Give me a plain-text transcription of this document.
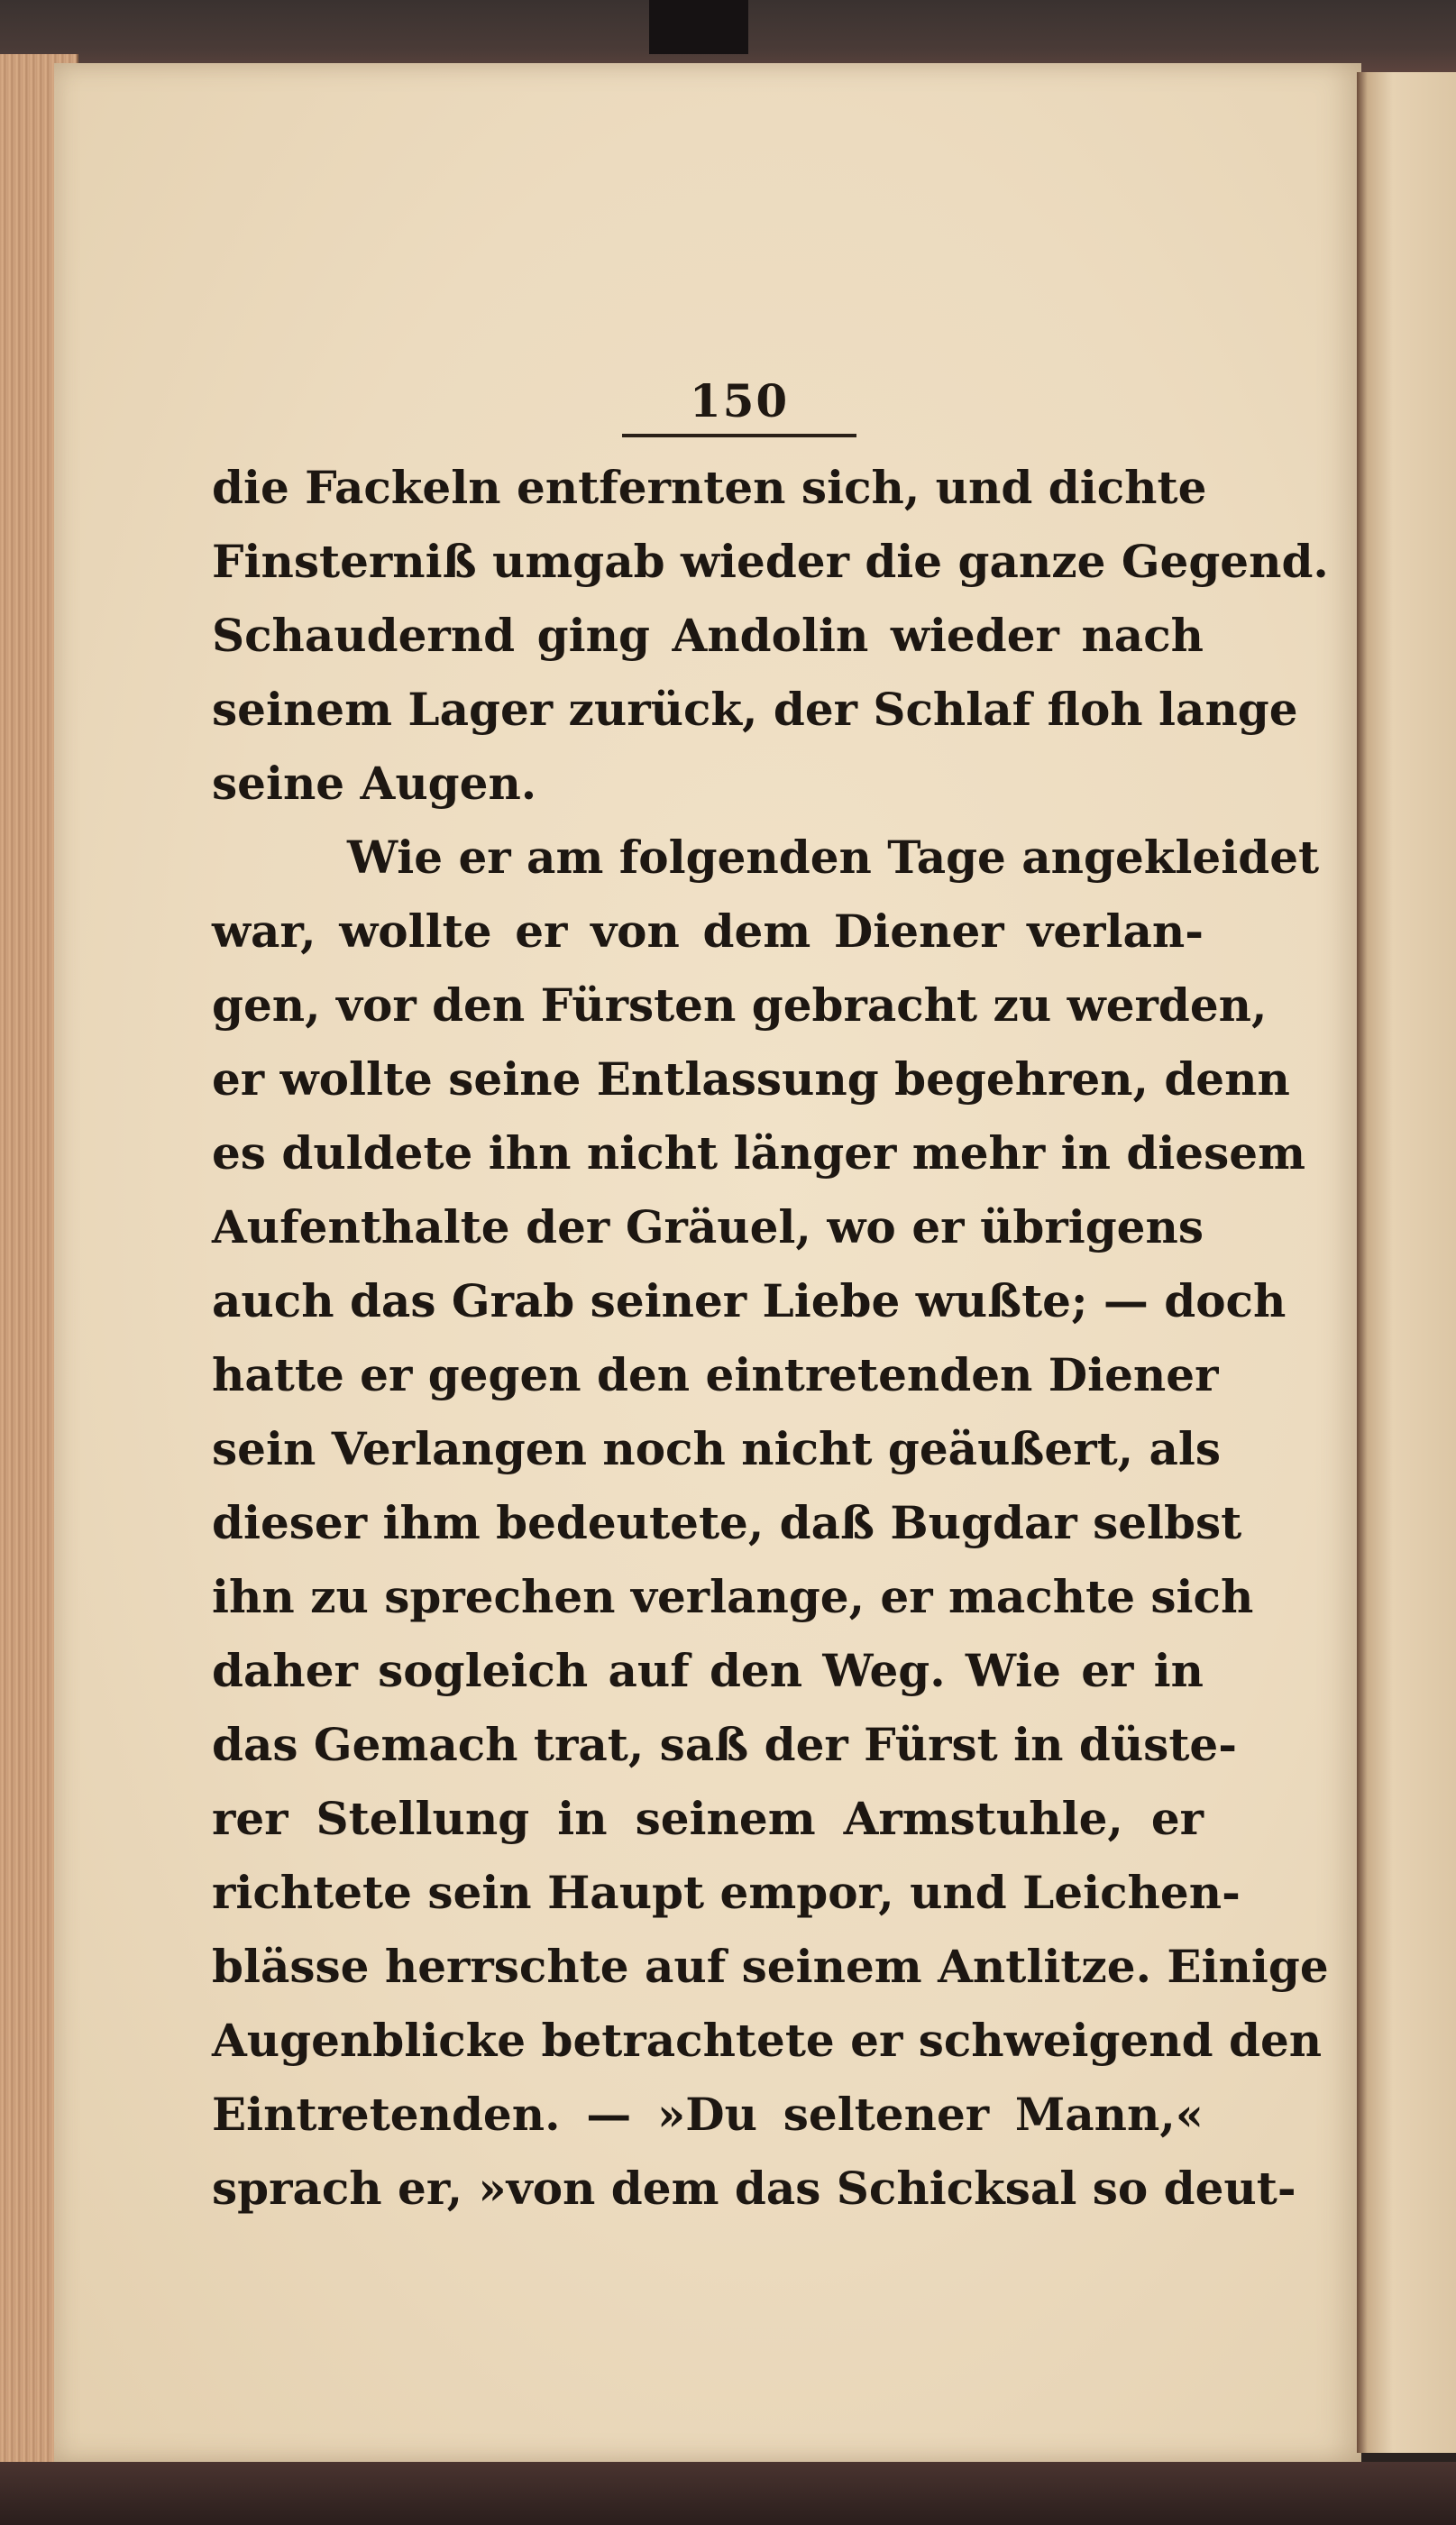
150
die Fackeln entfernten sich, und dichte
Finsterniß umgab wieder die ganze Gegend.
Schaudernd ging Andolin wieder nach
seinem Lager zurück, der Schlaf floh lange
seine Augen.
Wie er am folgenden Tage angekleidet
war, wollte er von dem Diener verlan-
gen, vor den Fürsten gebracht zu werden,
er wollte seine Entlassung begehren, denn
es duldete ihn nicht länger mehr in diesem
Aufenthalte der Gräuel, wo er übrigens
auch das Grab seiner Liebe wußte; — doch
hatte er gegen den eintretenden Diener
sein Verlangen noch nicht geäußert, als
dieser ihm bedeutete, daß Bugdar selbst
ihn zu sprechen verlange, er machte sich
daher sogleich auf den Weg. Wie er in
das Gemach trat, saß der Fürst in düste-
rer Stellung in seinem Armstuhle, er
richtete sein Haupt empor, und Leichen-
blässe herrschte auf seinem Antlitze. Einige
Augenblicke betrachtete er schweigend den
Eintretenden. — »Du seltener Mann,«
sprach er, »von dem das Schicksal so deut-
